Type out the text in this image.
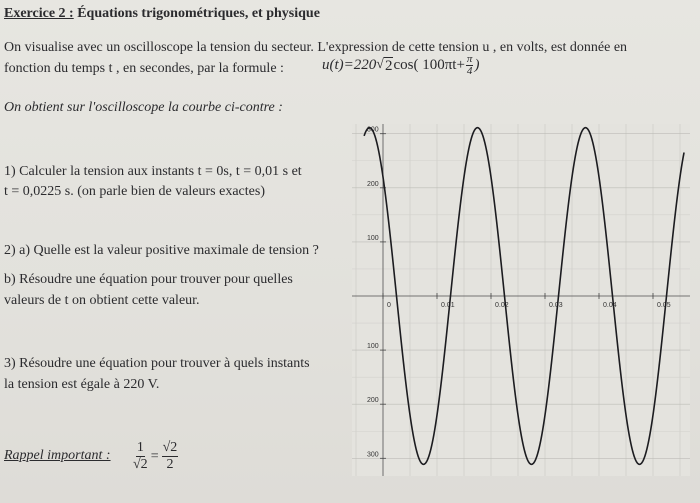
Exercice 2 : Équations trigonométriques, et physique
On visualise avec un oscilloscope la tension du secteur. L'expression de cette tension u , en volts, est donnée en
fonction du temps t , en secondes, par la formule :	u(t)=220 √ 2 cos( $100\pi t+ \frac{\pi}{4}$ )
On obtient sur l'oscilloscope la courbe ci-contre :
1) Calculer la tension aux instants t = 0s, t = 0,01 s et
t = 0,0225 s. (on parle bien de valeurs exactes)
2) a) Quelle est la valeur positive maximale de tension ?
b) Résoudre une équation pour trouver pour quelles
valeurs de t on obtient cette valeur.
3) Résoudre une équation pour trouver à quels instants
la tension est égale à 220 V.
Rappel important : $\frac{1}{√2} = \frac{√2}{2}$
0	0.01	0.02	0.03	0.04	0.05
300
200
100
100
200
300
